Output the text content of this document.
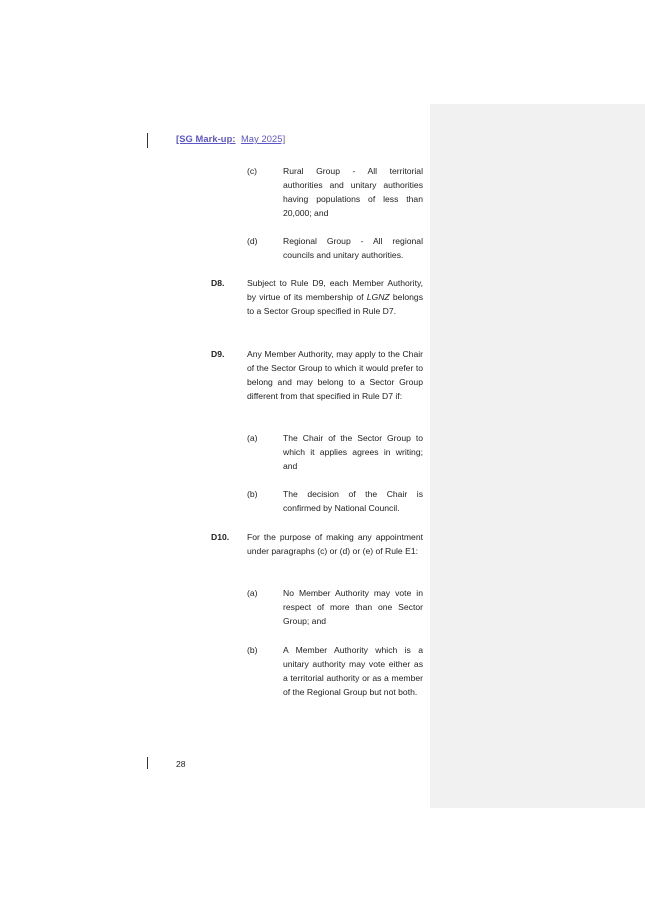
[SG Mark-up: May 2025]
(c)	Rural Group - All territorial authorities and unitary authorities having populations of less than 20,000; and
(d)	Regional Group - All regional councils and unitary authorities.
D8.	Subject to Rule D9, each Member Authority, by virtue of its membership of LGNZ belongs to a Sector Group specified in Rule D7.
D9.	Any Member Authority, may apply to the Chair of the Sector Group to which it would prefer to belong and may belong to a Sector Group different from that specified in Rule D7 if:
(a)	The Chair of the Sector Group to which it applies agrees in writing; and
(b)	The decision of the Chair is confirmed by National Council.
D10. For the purpose of making any appointment under paragraphs (c) or (d) or (e) of Rule E1:
(a)	No Member Authority may vote in respect of more than one Sector Group; and
(b)	A Member Authority which is a unitary authority may vote either as a territorial authority or as a member of the Regional Group but not both.
28
